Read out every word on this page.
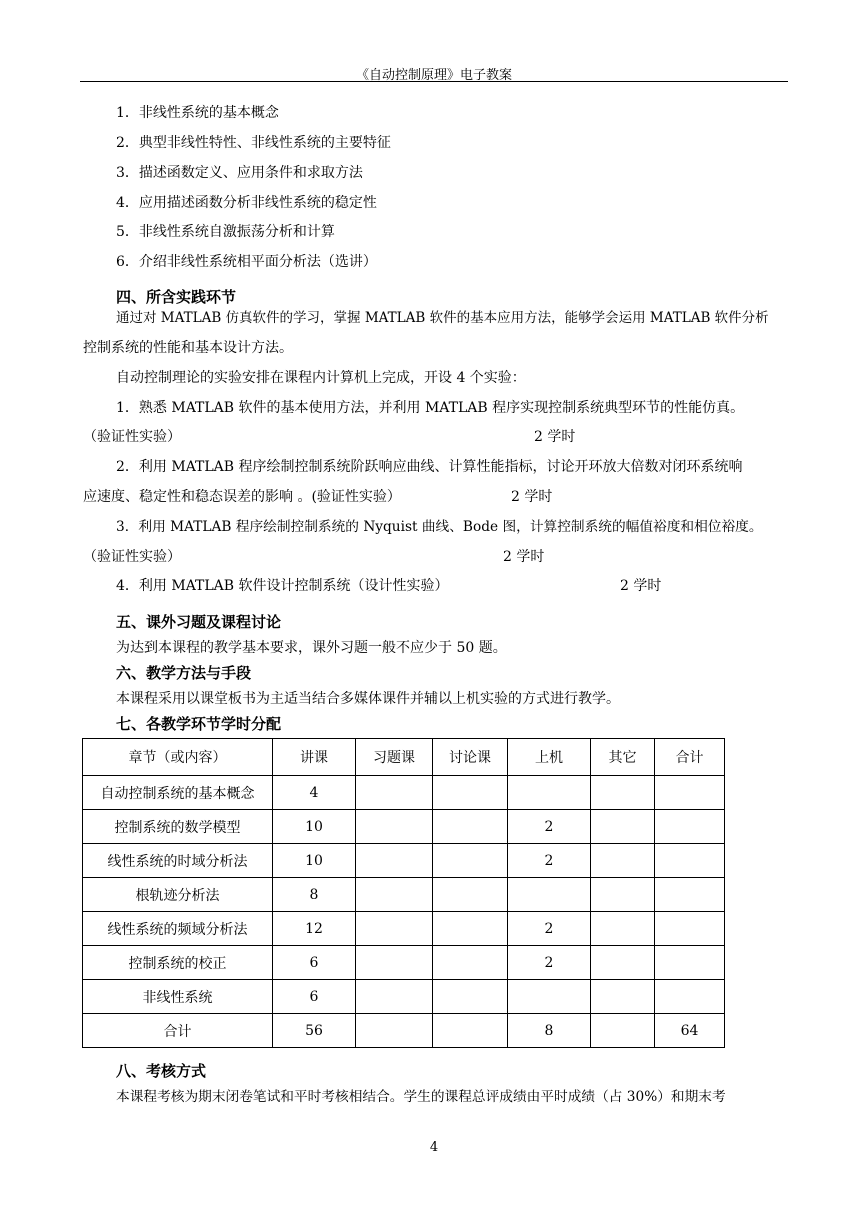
《自动控制原理》电子教案
1．非线性系统的基本概念
2．典型非线性特性、非线性系统的主要特征
3．描述函数定义、应用条件和求取方法
4．应用描述函数分析非线性系统的稳定性
5．非线性系统自激振荡分析和计算
6．介绍非线性系统相平面分析法（选讲）
四、所含实践环节
通过对 MATLAB 仿真软件的学习，掌握 MATLAB 软件的基本应用方法，能够学会运用 MATLAB 软件分析
控制系统的性能和基本设计方法。
自动控制理论的实验安排在课程内计算机上完成，开设 4 个实验：
1．熟悉 MATLAB 软件的基本使用方法，并利用 MATLAB 程序实现控制系统典型环节的性能仿真。
（验证性实验）	2 学时
2．利用 MATLAB 程序绘制控制系统阶跃响应曲线、计算性能指标，讨论开环放大倍数对闭环系统响
应速度、稳定性和稳态误差的影响 。(验证性实验）	2 学时
3．利用 MATLAB 程序绘制控制系统的 Nyquist 曲线、Bode 图，计算控制系统的幅值裕度和相位裕度。
（验证性实验）	2 学时
4．利用 MATLAB 软件设计控制系统（设计性实验）	2 学时
五、课外习题及课程讨论
为达到本课程的教学基本要求，课外习题一般不应少于 50 题。
六、教学方法与手段
本课程采用以课堂板书为主适当结合多媒体课件并辅以上机实验的方式进行教学。
七、各教学环节学时分配
章节（或内容）	讲课	习题课	讨论课	上机	其它	合计
自动控制系统的基本概念	4					
控制系统的数学模型	10			2		
线性系统的时域分析法	10			2		
根轨迹分析法	8					
线性系统的频域分析法	12			2		
控制系统的校正	6			2		
非线性系统	6					
合计	56			8		64
八、考核方式
本课程考核为期末闭卷笔试和平时考核相结合。学生的课程总评成绩由平时成绩（占 30%）和期末考
4
